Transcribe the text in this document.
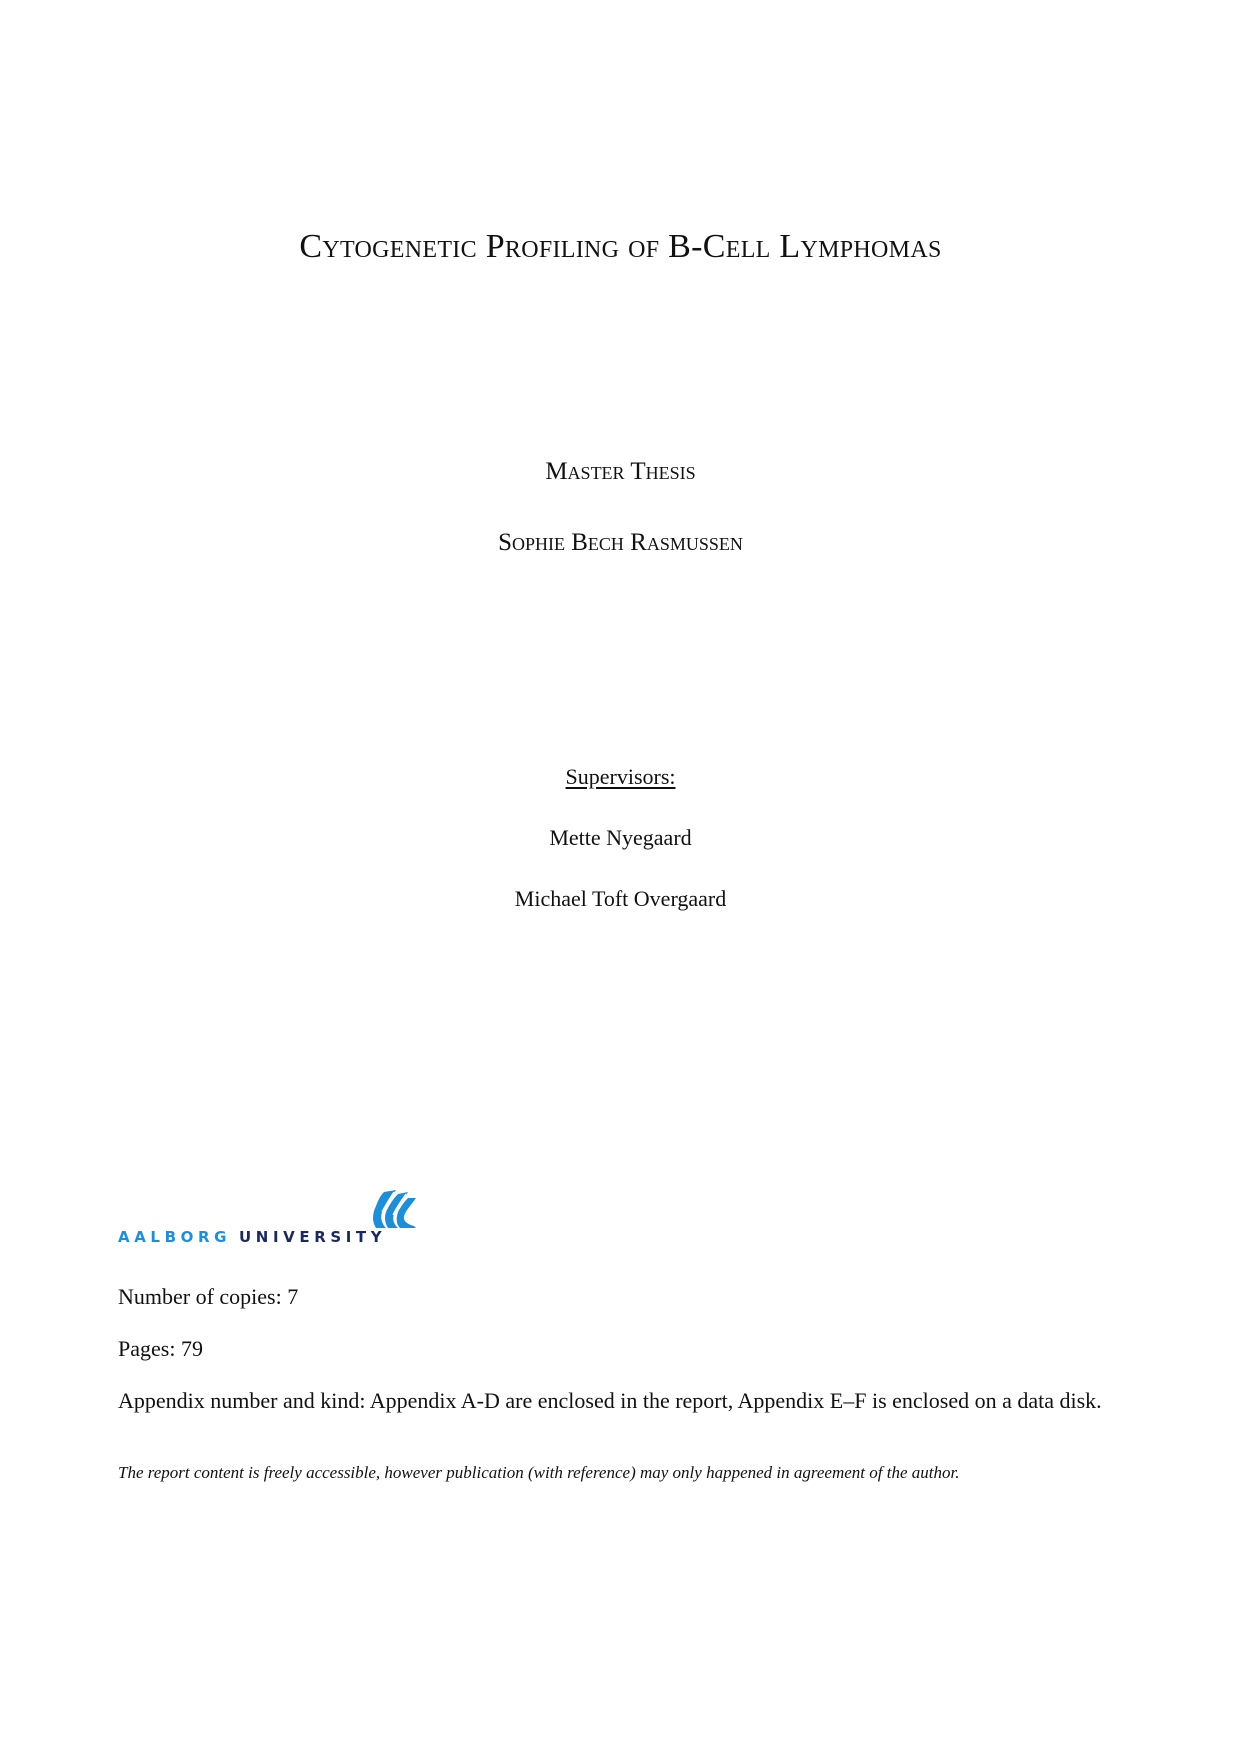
Cytogenetic Profiling of B-Cell Lymphomas
Master Thesis
Sophie Bech Rasmussen
Supervisors:
Mette Nyegaard
Michael Toft Overgaard
AALBORG UNIVERSITY
Number of copies: 7
Pages: 79
Appendix number and kind: Appendix A-D are enclosed in the report, Appendix E–F is enclosed on a data disk.
The report content is freely accessible, however publication (with reference) may only happened in agreement of the author.
